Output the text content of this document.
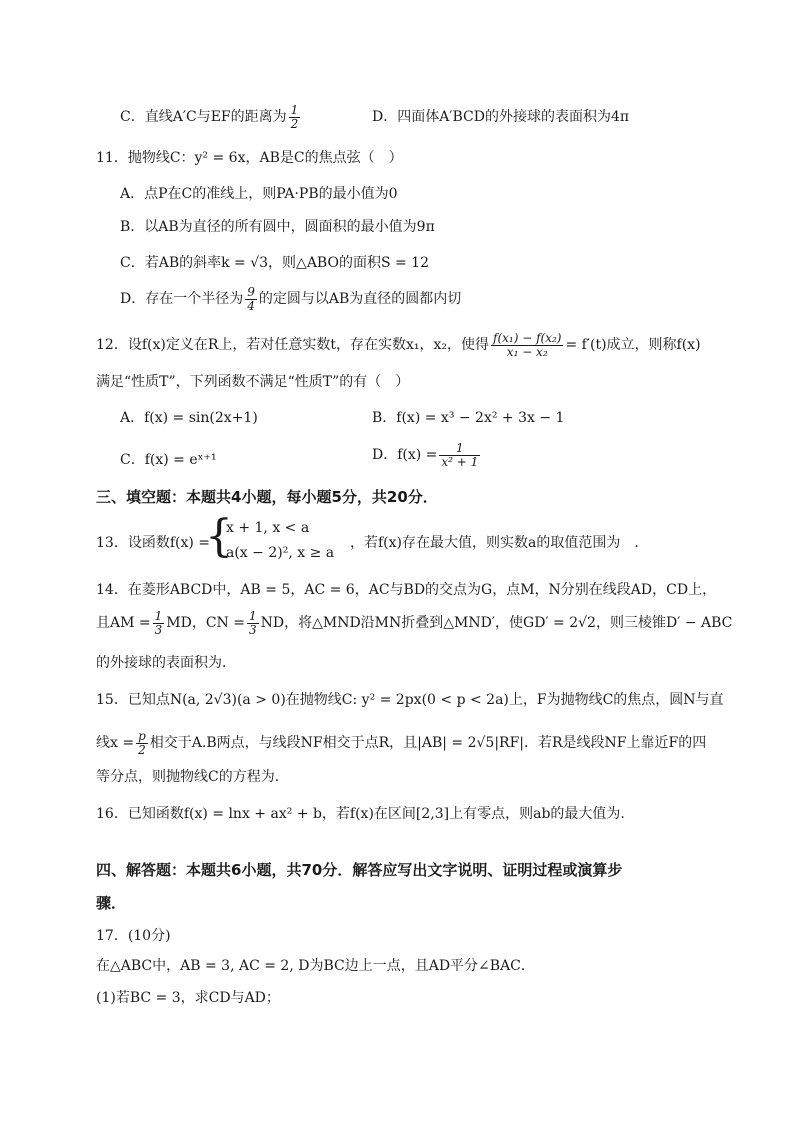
C．直线A′C与EF的距离为 $\frac{1}{2}$	D．四面体A′BCD的外接球的表面积为4π
11．抛物线C：y² = 6x，AB是C的焦点弦（　）
A．点P在C的准线上，则PA·PB的最小值为0
B．以AB为直径的所有圆中，圆面积的最小值为9π
C．若AB的斜率k = √3，则△ABO的面积S = 12
D．存在一个半径为 $\frac{9}{4}$ 的定圆与以AB为直径的圆都内切
12．设f(x)定义在R上，若对任意实数t，存在实数x₁，x₂，使得 $\frac{\text{f(x₁) − f(x₂)}}{\text{x₁ − x₂}} = f'(t)$成立，则称f(x)
满足“性质T”，下列函数不满足“性质T”的有（　）
A．f(x) = sin(2x+1)	B．f(x) = x³ − 2x² + 3x − 1
C．f(x) = eˣ⁺¹	D．$f(x) = \frac{1}{\text{x² + 1}}$
三、填空题：本题共4小题，每小题5分，共20分．
13．设函数f(x) =
{
x + 1, x < a
a(x − 2)², x ≥ a
，若f(x)存在最大值，则实数a的取值范围为　．
14．在菱形ABCD中，AB = 5，AC = 6，AC与BD的交点为G，点M，N分别在线段AD，CD上，
且AM = $\frac{1}{3}$ MD，CN = $\frac{1}{3}$ ND，将△MND沿MN折叠到△MND′，使GD′ = 2√2，则三棱锥D′ − ABC
的外接球的表面积为．
15．已知点N(a, 2√3)(a > 0)在抛物线C: y² = 2px(0 < p < 2a)上，F为抛物线C的焦点，圆N与直
线$x = \frac{p}{2}$ 相交于A.B两点，与线段NF相交于点R，且|AB| = 2√5|RF|．若R是线段NF上靠近F的四
等分点，则抛物线C的方程为．
16．已知函数f(x) = lnx + ax² + b，若f(x)在区间[2,3]上有零点，则ab的最大值为.
四、解答题：本题共6小题，共70分．解答应写出文字说明、证明过程或演算步
骤．
17．(10分)
在△ABC中，AB = 3, AC = 2, D为BC边上一点，且AD平分∠BAC．
(1)若BC = 3，求CD与AD；
